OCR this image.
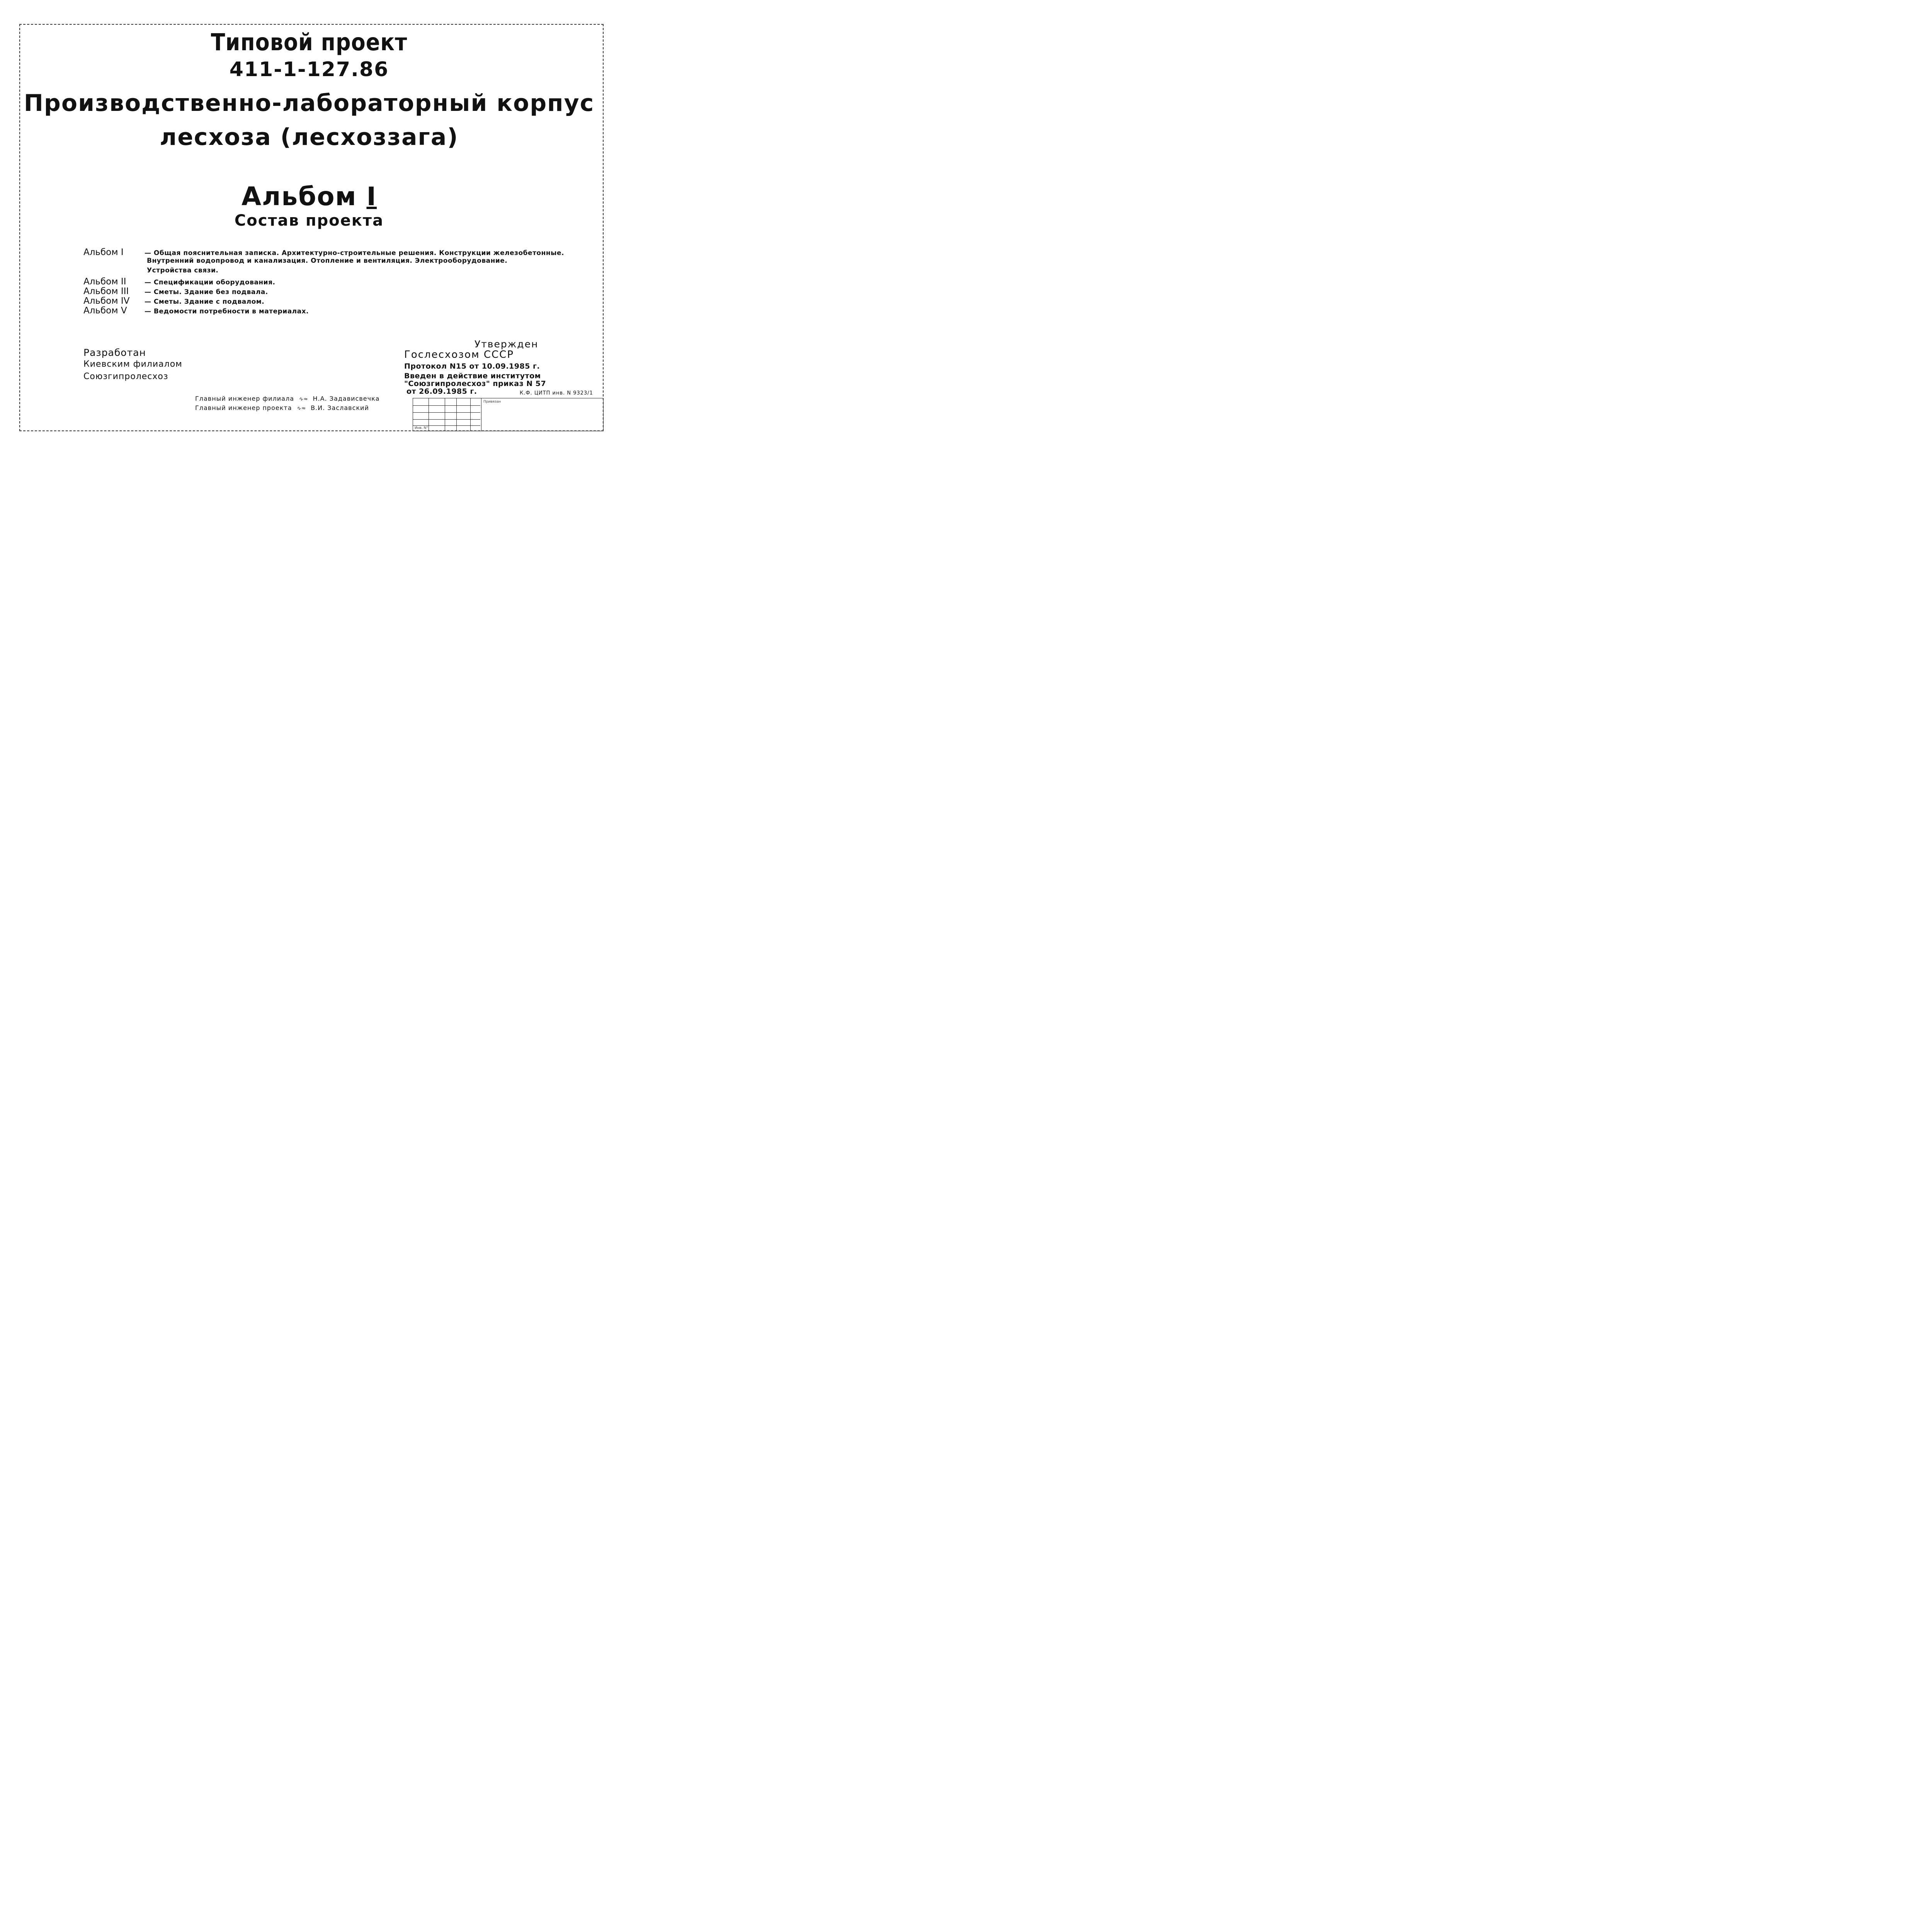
Типовой проект
411-1-127.86
Производственно-лабораторный корпус
лесхоза (лесхоззага)
Альбом I
Состав проекта
Альбом I	— Общая пояснительная записка. Архитектурно-строительные решения. Конструкции железобетонные.
Внутренний водопровод и канализация. Отопление и вентиляция. Электрооборудование.
Устройства связи.
Альбом II	— Спецификации оборудования.
Альбом III — Сметы. Здание без подвала.
Альбом IV — Сметы. Здание с подвалом.
Альбом V	— Ведомости потребности в материалах.
Разработан
Киевским филиалом
Союзгипролесхоз
Утвержден
Гослесхозом СССР
Протокол N15 от 10.09.1985 г.
Введен в действие институтом
"Союзгипролесхоз" приказ N 57
от 26.09.1985 г.	К.Ф. ЦИТП инв. N 9323/1
Главный инженер филиала  ∿≈  Н.А. Задависвечка
Главный инженер проекта  ∿≈  В.И. Заславский
Привязан
Инв. N°
